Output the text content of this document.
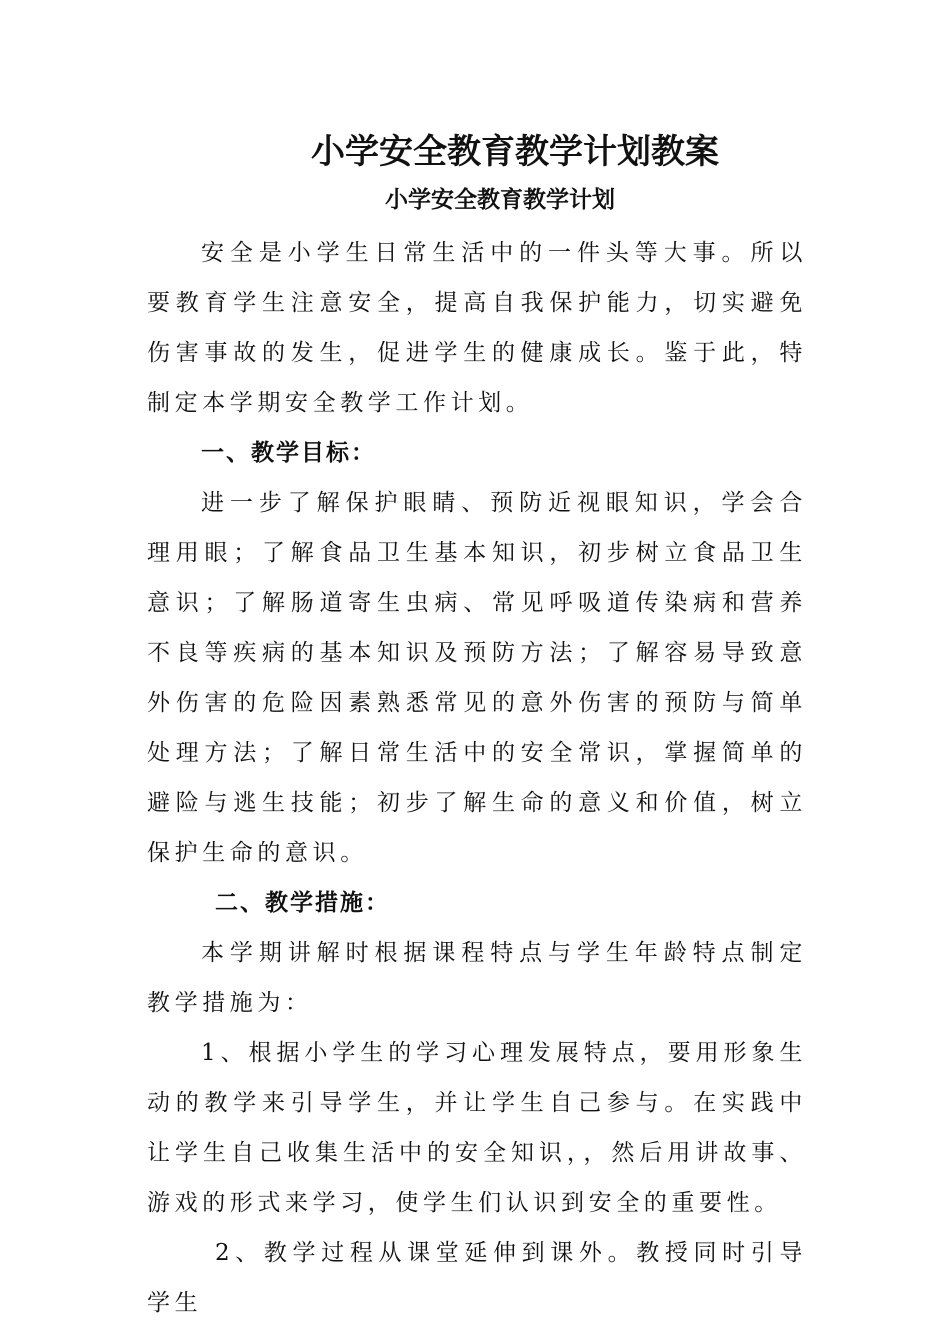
小学安全教育教学计划教案
小学安全教育教学计划

安全是小学生日常生活中的一件头等大事。所以要教育学生注意安全，提高自我保护能力，切实避免伤害事故的发生，促进学生的健康成长。鉴于此，特制定本学期安全教学工作计划。

一、教学目标：

进一步了解保护眼睛、预防近视眼知识，学会合理用眼；了解食品卫生基本知识，初步树立食品卫生意识；了解肠道寄生虫病、常见呼吸道传染病和营养不良等疾病的基本知识及预防方法；了解容易导致意外伤害的危险因素熟悉常见的意外伤害的预防与简单处理方法；了解日常生活中的安全常识，掌握简单的避险与逃生技能；初步了解生命的意义和价值，树立保护生命的意识。

二、教学措施：

本学期讲解时根据课程特点与学生年龄特点制定教学措施为：

1、根据小学生的学习心理发展特点，要用形象生动的教学来引导学生，并让学生自己参与。在实践中让学生自己收集生活中的安全知识，，然后用讲故事、游戏的形式来学习，使学生们认识到安全的重要性。

2、教学过程从课堂延伸到课外。教授同时引导学生
